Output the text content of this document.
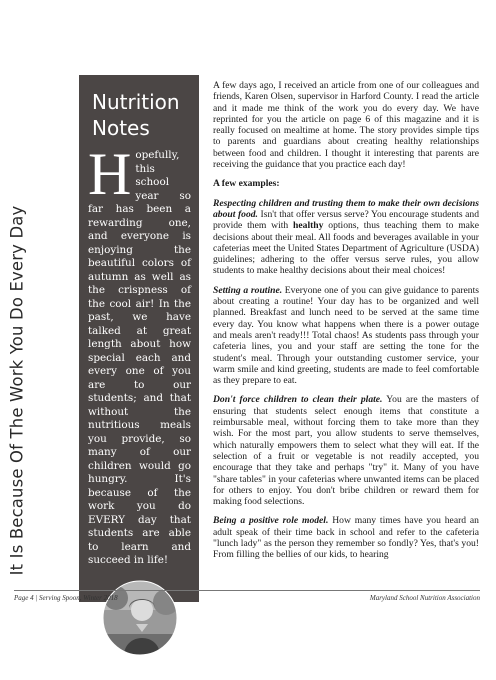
It Is Because Of The Work You Do Every Day
Nutrition
Notes

Hopefully, this school year so far has been a rewarding one, and everyone is enjoying the beautiful colors of autumn as well as the crispness of the cool air! In the past, we have talked at great length about how special each and every one of you are to our students; and that without the nutritious meals you provide, so many of our children would go hungry. It's because of the work you do EVERY day that students are able to learn and succeed in life!

Maria Caplon, R.D., L.D.
MdSNA Nutrition Chair

A few days ago, I received an article from one of our colleagues and friends, Karen Olsen, supervisor in Harford County. I read the article and it made me think of the work you do every day. We have reprinted for you the article on page 6 of this magazine and it is really focused on mealtime at home. The story provides simple tips to parents and guardians about creating healthy relationships between food and children. I thought it interesting that parents are receiving the guidance that you practice each day!

A few examples:

Respecting children and trusting them to make their own decisions about food. Isn't that offer versus serve? You encourage students and provide them with healthy options, thus teaching them to make decisions about their meal. All foods and beverages available in your cafeterias meet the United States Department of Agriculture (USDA) guidelines; adhering to the offer versus serve rules, you allow students to make healthy decisions about their meal choices!

Setting a routine. Everyone one of you can give guidance to parents about creating a routine! Your day has to be organized and well planned. Breakfast and lunch need to be served at the same time every day. You know what happens when there is a power outage and meals aren't ready!!! Total chaos! As students pass through your cafeteria lines, you and your staff are setting the tone for the student's meal. Through your outstanding customer service, your warm smile and kind greeting, students are made to feel comfortable as they prepare to eat.

Don't force children to clean their plate. You are the masters of ensuring that students select enough items that constitute a reimbursable meal, without forcing them to take more than they wish. For the most part, you allow students to serve themselves, which naturally empowers them to select what they will eat. If the selection of a fruit or vegetable is not readily accepted, you encourage that they take and perhaps "try" it. Many of you have "share tables" in your cafeterias where unwanted items can be placed for others to enjoy. You don't bribe children or reward them for making food selections.

Being a positive role model. How many times have you heard an adult speak of their time back in school and refer to the cafeteria "lunch lady" as the person they remember so fondly? Yes, that's you! From filling the bellies of our kids, to hearing

Page 4 | Serving Spoon, Winter 2018	Maryland School Nutrition Association
